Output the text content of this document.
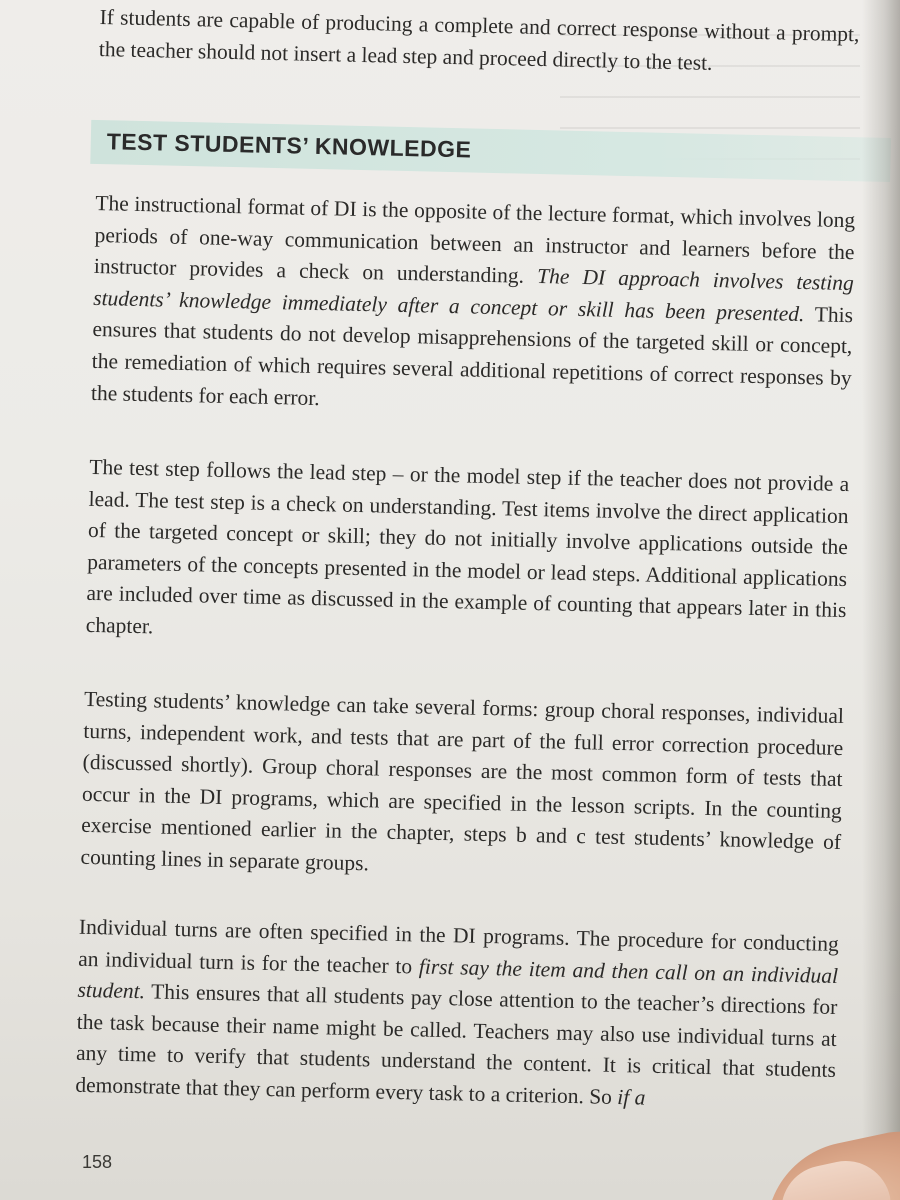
If students are capable of producing a complete and correct response without a prompt, the teacher should not insert a lead step and proceed directly to the test.

TEST STUDENTS’ KNOWLEDGE

The instructional format of DI is the opposite of the lecture format, which involves long periods of one-way communication between an instructor and learners before the instructor provides a check on understanding. The DI approach involves testing students’ knowledge immediately after a concept or skill has been presented. This ensures that students do not develop misapprehensions of the targeted skill or concept, the remediation of which requires several additional repetitions of correct responses by the students for each error.

The test step follows the lead step – or the model step if the teacher does not provide a lead. The test step is a check on understanding. Test items involve the direct application of the targeted concept or skill; they do not initially involve applications outside the parameters of the concepts presented in the model or lead steps. Additional applications are included over time as discussed in the example of counting that appears later in this chapter.

Testing students’ knowledge can take several forms: group choral responses, individual turns, independent work, and tests that are part of the full error correction procedure (discussed shortly). Group choral responses are the most common form of tests that occur in the DI programs, which are specified in the lesson scripts. In the counting exercise mentioned earlier in the chapter, steps b and c test students’ knowledge of counting lines in separate groups.

Individual turns are often specified in the DI programs. The procedure for conducting an individual turn is for the teacher to first say the item and then call on an individual student. This ensures that all students pay close attention to the teacher’s directions for the task because their name might be called. Teachers may also use individual turns at any time to verify that students understand the content. It is critical that students demonstrate that they can perform every task to a criterion. So if a

158
